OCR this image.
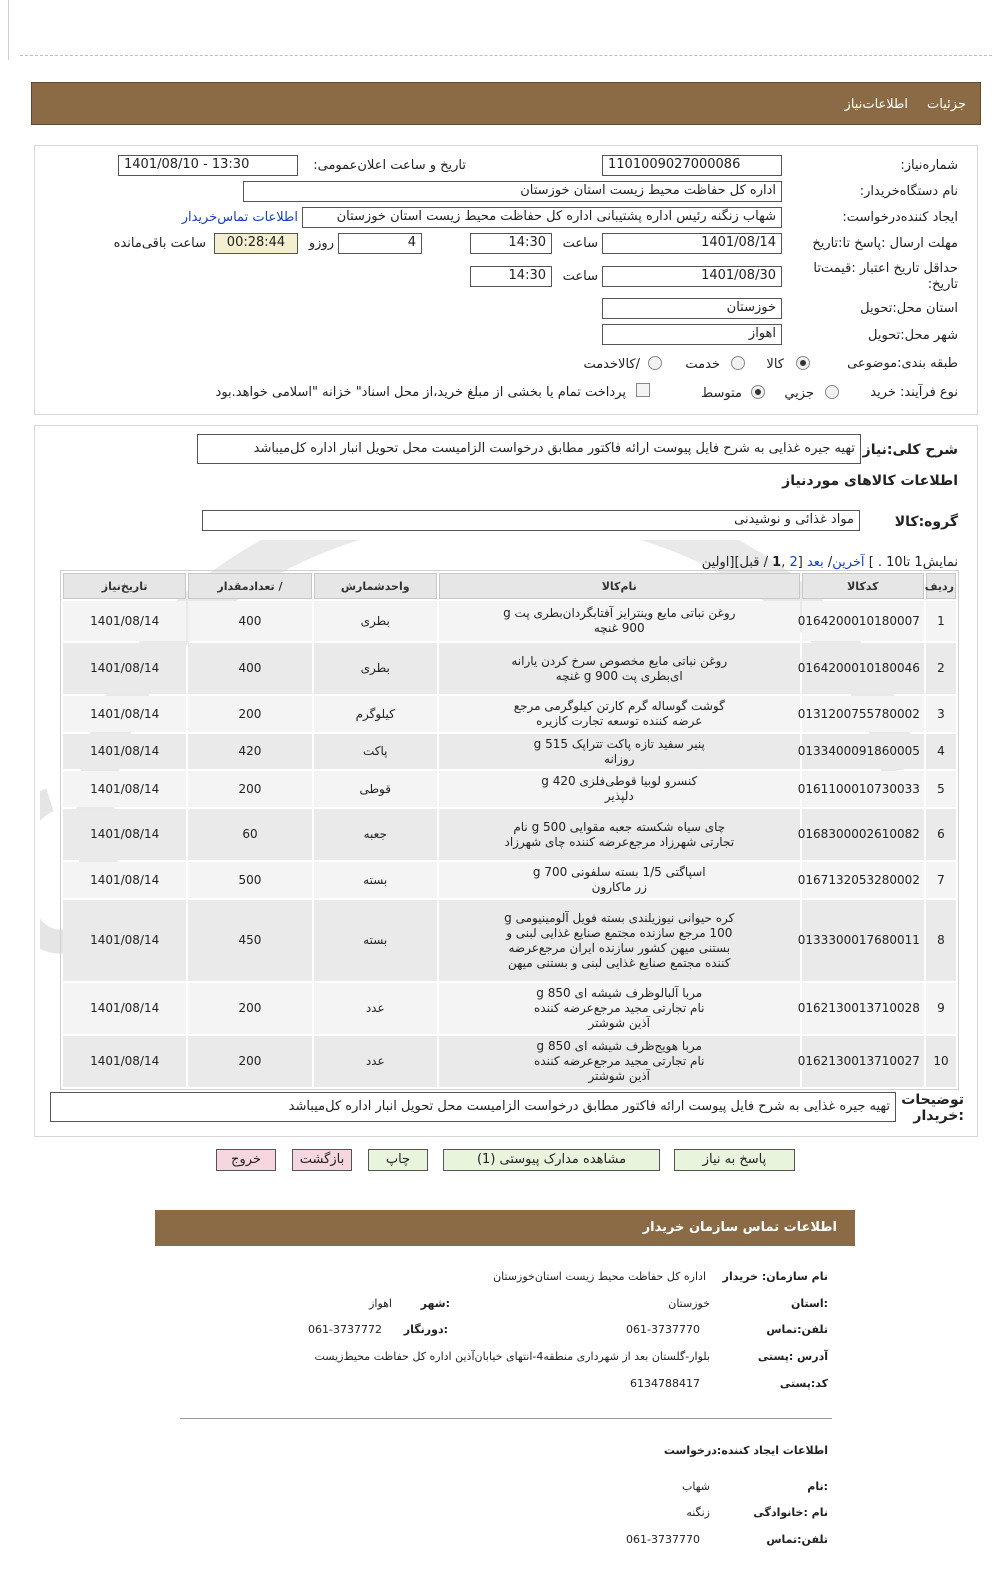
جزئیات
اطلاعات‌نیاز
شماره‌نیاز:
1101009027000086
تاریخ و ساعت اعلان‌عمومی:
1401/08/10 - 13:30
نام دستگاه‌خریدار:
اداره کل حفاظت محیط زیست استان خوزستان
ایجاد کننده‌درخواست:
شهاب زنگنه رئیس اداره پشتیبانی اداره کل حفاظت محیط زیست استان خوزستان
اطلاعات تماس‌خریدار
مهلت ارسال :پاسخ تا:تاریخ
1401/08/14
ساعت
14:30
4
روزو
00:28:44
ساعت باقی‌مانده
حداقل تاریخ اعتبار :قیمت‌تا تاریخ:
1401/08/30
ساعت
14:30
استان محل:تحویل
خوزستان
شهر محل:تحویل
اهواز
طبقه بندی:موضوعی
کالا
خدمت
/کالاخدمت
نوع فرآیند: خرید
جزیي
متوسط
پرداخت تمام یا بخشی از مبلغ خرید،از محل اسناد" خزانه "اسلامی خواهد.بود
شرح کلی:نیاز
تهیه جیره غذایی به شرح فایل پیوست ارائه فاکتور مطابق درخواست الزامیست محل تحویل انبار اداره کل‌میباشد
اطلاعات کالاهای موردنیاز
گروه:کالا
مواد غذائی و نوشیدنی
نمایش1 تا10 . ] آخرین/ بعد [2 ,1 / قبل][اولین
ردیف	کدکالا	نام‌کالا	واحدشمارش	/ تعدادمقدار	تاریخ‌نیاز
1	0164200010180007	روغن نباتی مایع وینترایز آفتابگردان‌بطری پت g 900 غنچه	بطری	400	1401/08/14
2	0164200010180046	روغن نباتی مایع مخصوص سرخ کردن یارانه ای‌بطری پت g 900 غنچه	بطری	400	1401/08/14
3	0131200755780002	گوشت گوساله گرم کارتن کیلوگرمی مرجع عرضه کننده توسعه تجارت کازیره	کیلوگرم	200	1401/08/14
4	0133400091860005	پنیر سفید تازه پاکت تتراپک 515 g روزانه	پاکت	420	1401/08/14
5	0161100010730033	کنسرو لوبیا قوطی‌فلزی g 420 دلپذیر	قوطی	200	1401/08/14
6	0168300002610082	چای سیاه شکسته جعبه مقوایی 500 g نام تجارتی شهرزاد مرجع‌عرضه کننده چای شهرزاد	جعبه	60	1401/08/14
7	0167132053280002	اسپاگتی 1/5 بسته سلفونی g 700 زر ماکارون	بسته	500	1401/08/14
8	0133300017680011	کره حیوانی نیوزیلندی بسته فویل آلومینیومی g 100 مرجع سازنده مجتمع صنایع غذایی لبنی و بستنی میهن کشور سازنده ایران مرجع‌عرضه کننده مجتمع صنایع غذایی لبنی و بستنی میهن	بسته	450	1401/08/14
9	0162130013710028	مربا آلبالوظرف شیشه ای 850 g نام تجارتی مجید مرجع‌عرضه کننده آذین شوشتر	عدد	200	1401/08/14
10	0162130013710027	مربا هویج‌ظرف شیشه ای 850 g نام تجارتی مجید مرجع‌عرضه کننده آذین شوشتر	عدد	200	1401/08/14
توضیحات :خریدار
تهیه جیره غذایی به شرح فایل پیوست ارائه فاکتور مطابق درخواست الزامیست محل تحویل انبار اداره کل‌میباشد
پاسخ به نیاز
مشاهده مدارک پیوستی (1)
چاپ
بازگشت
خروج
اطلاعات تماس سازمان‌ خریدار
نام سازمان: خریدار
اداره کل حفاظت محیط زیست استان‌خوزستان
:استان
خوزستان
:شهر
اهواز
تلفن:تماس
061-3737770
:دورنگار
061-3737772
آدرس :پستی
بلوار-گلستان بعد از شهرداری منطقه4-انتهای خیابان‌آذین اداره کل حفاظت محیط‌زیست
کد:پستی
6134788417
اطلاعات ایجاد کننده:درخواست
:نام
شهاب
نام :خانوادگی
زنگنه
تلفن:تماس
061-3737770
